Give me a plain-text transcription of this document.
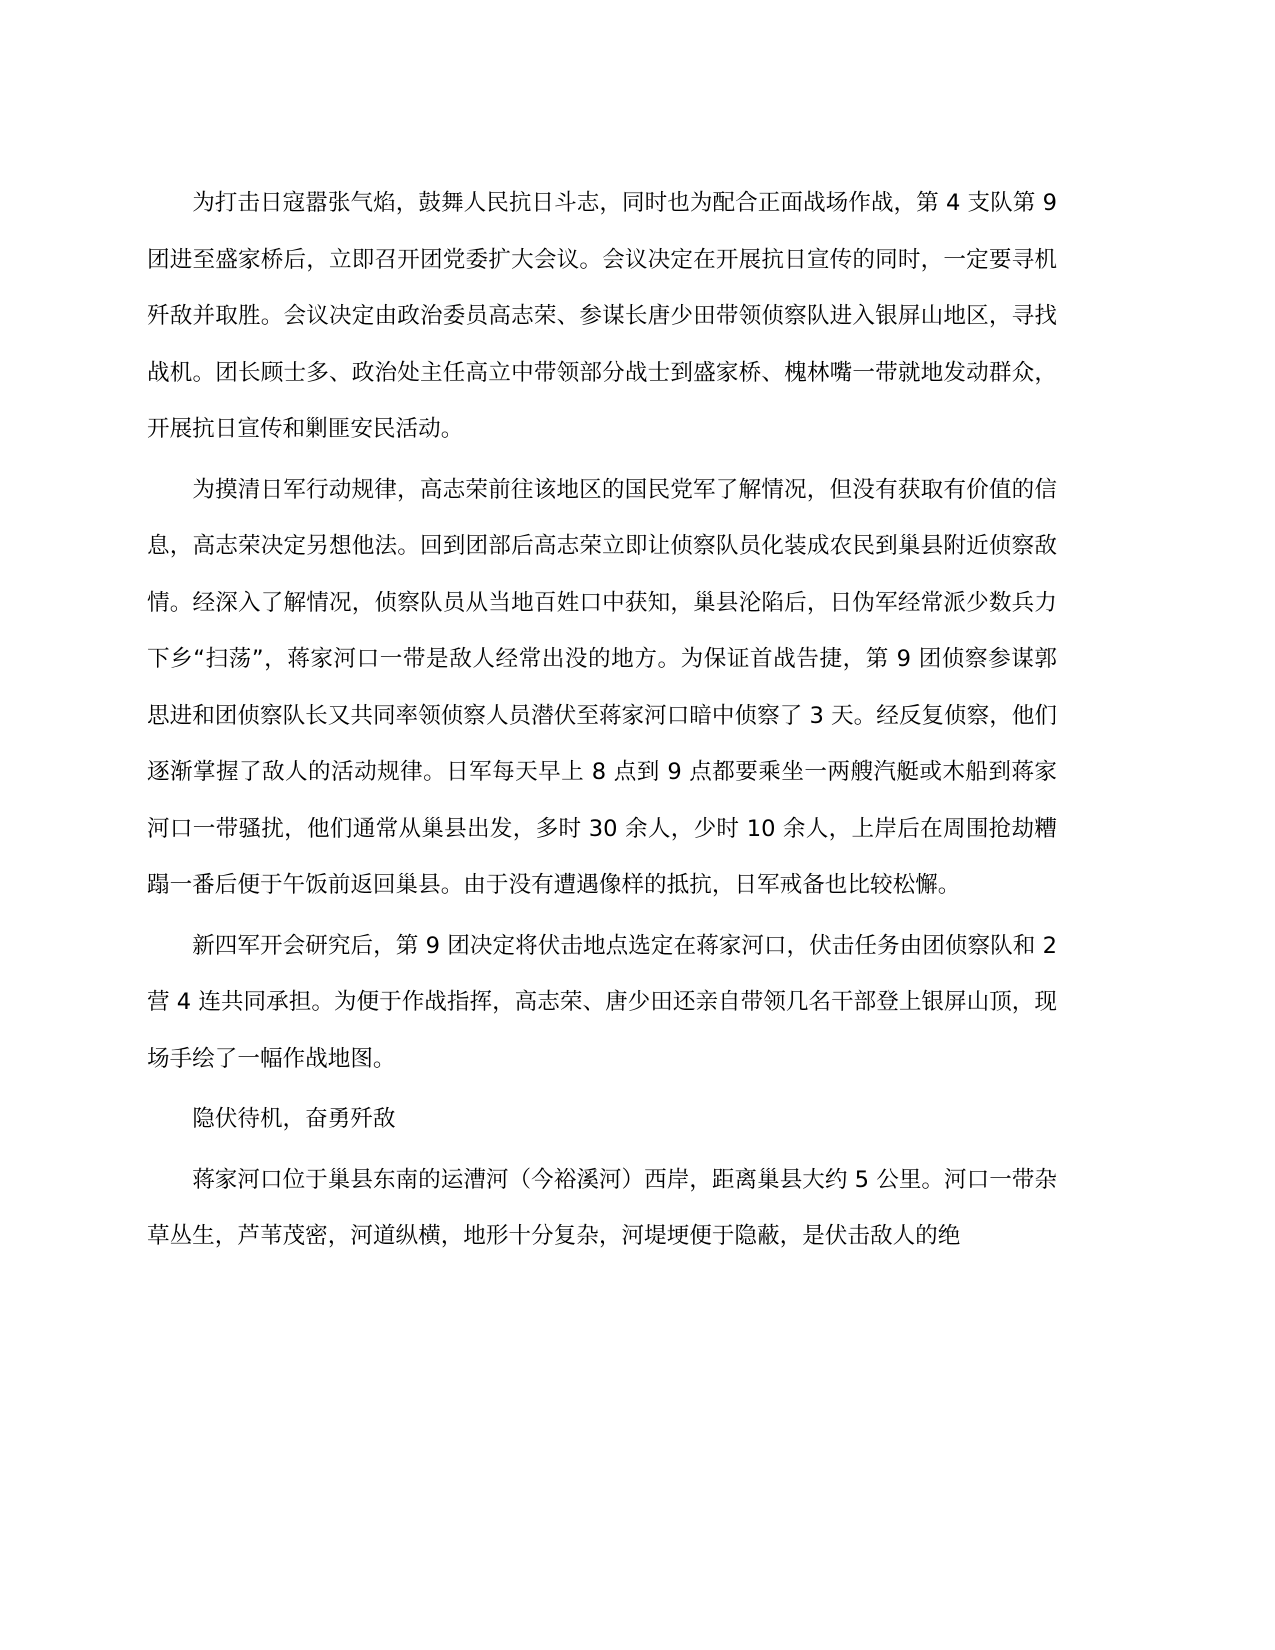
为打击日寇嚣张气焰，鼓舞人民抗日斗志，同时也为配合正面战场作战，第 4 支队第 9 团进至盛家桥后，立即召开团党委扩大会议。会议决定在开展抗日宣传的同时，一定要寻机歼敌并取胜。会议决定由政治委员高志荣、参谋长唐少田带领侦察队进入银屏山地区，寻找战机。团长顾士多、政治处主任高立中带领部分战士到盛家桥、槐林嘴一带就地发动群众，开展抗日宣传和剿匪安民活动。

为摸清日军行动规律，高志荣前往该地区的国民党军了解情况，但没有获取有价值的信息，高志荣决定另想他法。回到团部后高志荣立即让侦察队员化装成农民到巢县附近侦察敌情。经深入了解情况，侦察队员从当地百姓口中获知，巢县沦陷后，日伪军经常派少数兵力下乡“扫荡”，蒋家河口一带是敌人经常出没的地方。为保证首战告捷，第 9 团侦察参谋郭思进和团侦察队长又共同率领侦察人员潜伏至蒋家河口暗中侦察了 3 天。经反复侦察，他们逐渐掌握了敌人的活动规律。日军每天早上 8 点到 9 点都要乘坐一两艘汽艇或木船到蒋家河口一带骚扰，他们通常从巢县出发，多时 30 余人，少时 10 余人，上岸后在周围抢劫糟蹋一番后便于午饭前返回巢县。由于没有遭遇像样的抵抗，日军戒备也比较松懈。

新四军开会研究后，第 9 团决定将伏击地点选定在蒋家河口，伏击任务由团侦察队和 2 营 4 连共同承担。为便于作战指挥，高志荣、唐少田还亲自带领几名干部登上银屏山顶，现场手绘了一幅作战地图。

隐伏待机，奋勇歼敌

蒋家河口位于巢县东南的运漕河（今裕溪河）西岸，距离巢县大约 5 公里。河口一带杂草丛生，芦苇茂密，河道纵横，地形十分复杂，河堤埂便于隐蔽，是伏击敌人的绝
